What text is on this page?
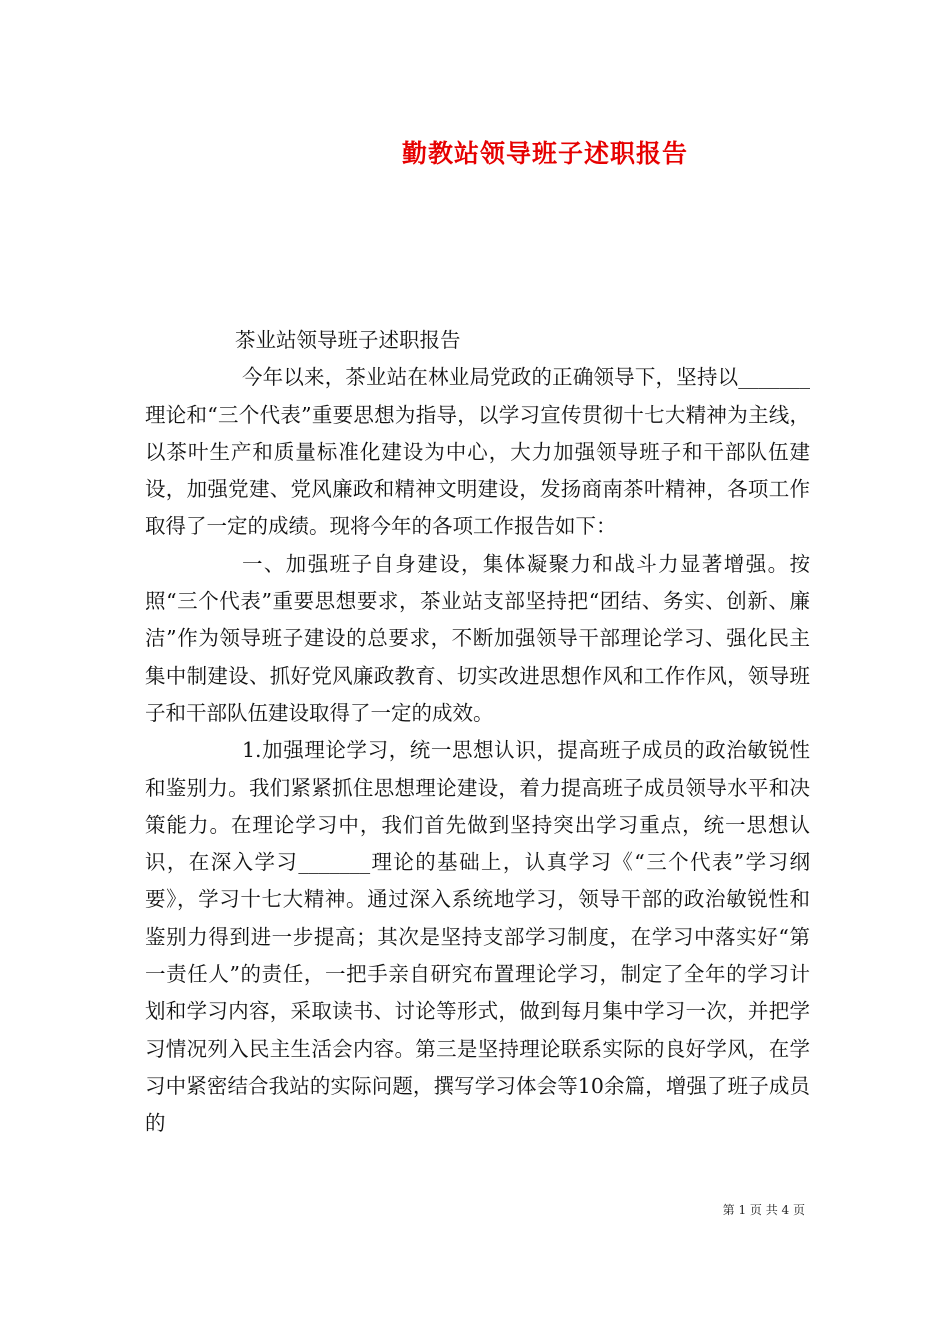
勤教站领导班子述职报告

茶业站领导班子述职报告

今年以来，茶业站在林业局党政的正确领导下，坚持以_______理论和“三个代表”重要思想为指导，以学习宣传贯彻十七大精神为主线，以茶叶生产和质量标准化建设为中心，大力加强领导班子和干部队伍建设，加强党建、党风廉政和精神文明建设，发扬商南茶叶精神，各项工作取得了一定的成绩。现将今年的各项工作报告如下：

一、加强班子自身建设，集体凝聚力和战斗力显著增强。按照“三个代表”重要思想要求，茶业站支部坚持把“团结、务实、创新、廉洁”作为领导班子建设的总要求，不断加强领导干部理论学习、强化民主集中制建设、抓好党风廉政教育、切实改进思想作风和工作作风，领导班子和干部队伍建设取得了一定的成效。

1.加强理论学习，统一思想认识，提高班子成员的政治敏锐性和鉴别力。我们紧紧抓住思想理论建设，着力提高班子成员领导水平和决策能力。在理论学习中，我们首先做到坚持突出学习重点，统一思想认识，在深入学习_______理论的基础上，认真学习《“三个代表”学习纲要》，学习十七大精神。通过深入系统地学习，领导干部的政治敏锐性和鉴别力得到进一步提高；其次是坚持支部学习制度，在学习中落实好“第一责任人”的责任，一把手亲自研究布置理论学习，制定了全年的学习计划和学习内容，采取读书、讨论等形式，做到每月集中学习一次，并把学习情况列入民主生活会内容。第三是坚持理论联系实际的良好学风，在学习中紧密结合我站的实际问题，撰写学习体会等10余篇，增强了班子成员的

第 1 页 共 4 页
